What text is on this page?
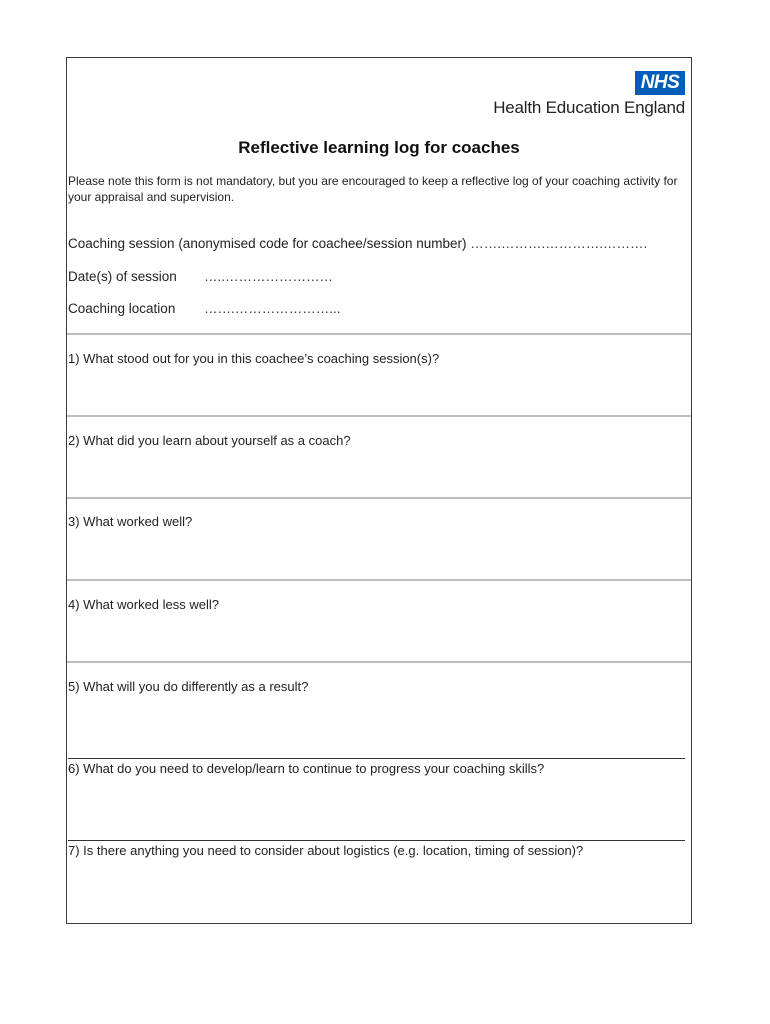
NHS
Health Education England
Reflective learning log for coaches
Please note this form is not mandatory, but you are encouraged to keep a reflective log of your coaching activity for your appraisal and supervision.
Coaching session (anonymised code for coachee/session number) …….……….………….……….
Date(s) of session …..……………………
Coaching location …….…………………...
1) What stood out for you in this coachee’s coaching session(s)?
2) What did you learn about yourself as a coach?
3) What worked well?
4) What worked less well?
5) What will you do differently as a result?
6) What do you need to develop/learn to continue to progress your coaching skills?
7) Is there anything you need to consider about logistics (e.g. location, timing of session)?
